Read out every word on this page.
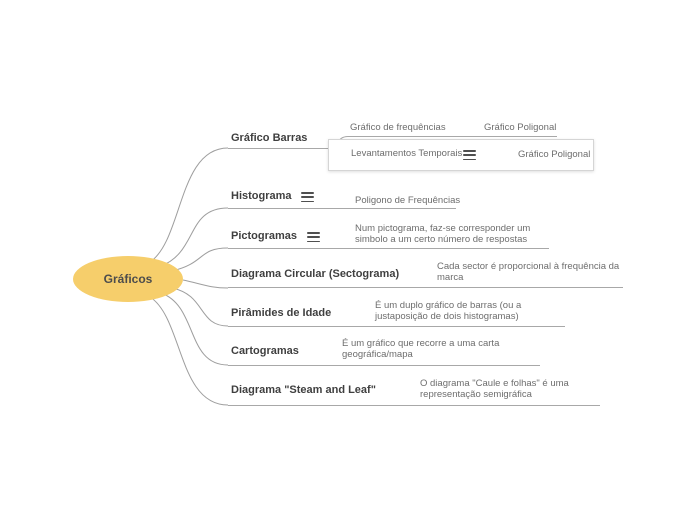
Gráficos
Gráfico Barras
Gráfico de frequências	Gráfico Poligonal
Levantamentos Temporais	Gráfico Poligonal
Histograma	Poligono de Frequências
Pictogramas
Num pictograma, faz-se corresponder um
simbolo a um certo número de respostas
Diagrama Circular (Sectograma)
Cada sector é proporcional à frequência da
marca
Pirâmides de Idade
É um duplo gráfico de barras (ou a
justaposição de dois histogramas)
Cartogramas
É um gráfico que recorre a uma carta
geográfica/mapa
Diagrama "Steam and Leaf"
O diagrama "Caule e folhas" é uma
representação semigráfica
